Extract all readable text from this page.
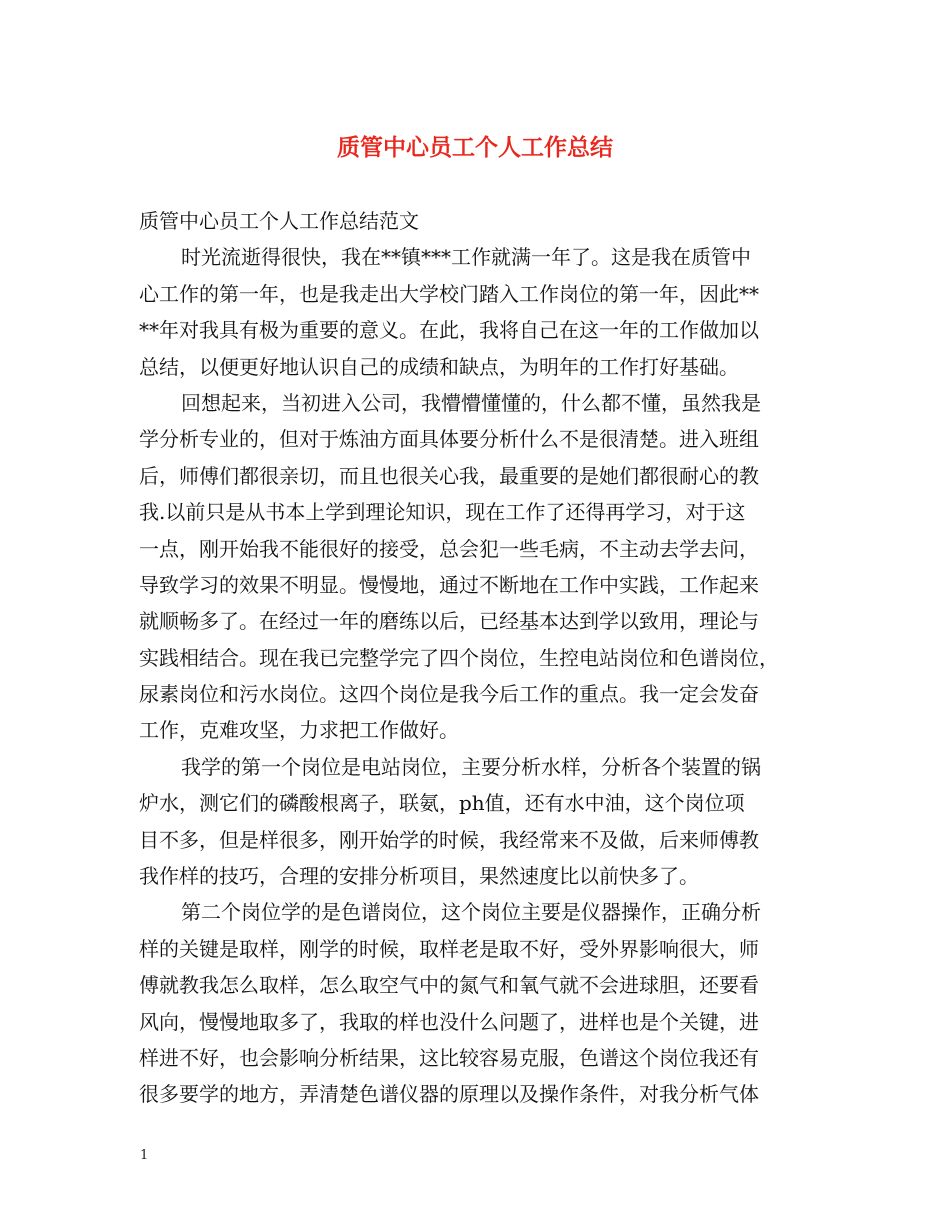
质管中心员工个人工作总结
质管中心员工个人工作总结范文
时光流逝得很快，我在**镇***工作就满一年了。这是我在质管中
心工作的第一年，也是我走出大学校门踏入工作岗位的第一年，因此**
**年对我具有极为重要的意义。在此，我将自己在这一年的工作做加以
总结，以便更好地认识自己的成绩和缺点，为明年的工作打好基础。
回想起来，当初进入公司，我懵懵懂懂的，什么都不懂，虽然我是
学分析专业的，但对于炼油方面具体要分析什么不是很清楚。进入班组
后，师傅们都很亲切，而且也很关心我，最重要的是她们都很耐心的教
我.以前只是从书本上学到理论知识，现在工作了还得再学习，对于这
一点，刚开始我不能很好的接受，总会犯一些毛病，不主动去学去问，
导致学习的效果不明显。慢慢地，通过不断地在工作中实践，工作起来
就顺畅多了。在经过一年的磨练以后，已经基本达到学以致用，理论与
实践相结合。现在我已完整学完了四个岗位，生控电站岗位和色谱岗位，
尿素岗位和污水岗位。这四个岗位是我今后工作的重点。我一定会发奋
工作，克难攻坚，力求把工作做好。
我学的第一个岗位是电站岗位，主要分析水样，分析各个装置的锅
炉水，测它们的磷酸根离子，联氨，ph值，还有水中油，这个岗位项
目不多，但是样很多，刚开始学的时候，我经常来不及做，后来师傅教
我作样的技巧，合理的安排分析项目，果然速度比以前快多了。
第二个岗位学的是色谱岗位，这个岗位主要是仪器操作，正确分析
样的关键是取样，刚学的时候，取样老是取不好，受外界影响很大，师
傅就教我怎么取样，怎么取空气中的氮气和氧气就不会进球胆，还要看
风向，慢慢地取多了，我取的样也没什么问题了，进样也是个关键，进
样进不好，也会影响分析结果，这比较容易克服，色谱这个岗位我还有
很多要学的地方，弄清楚色谱仪器的原理以及操作条件，对我分析气体
1
